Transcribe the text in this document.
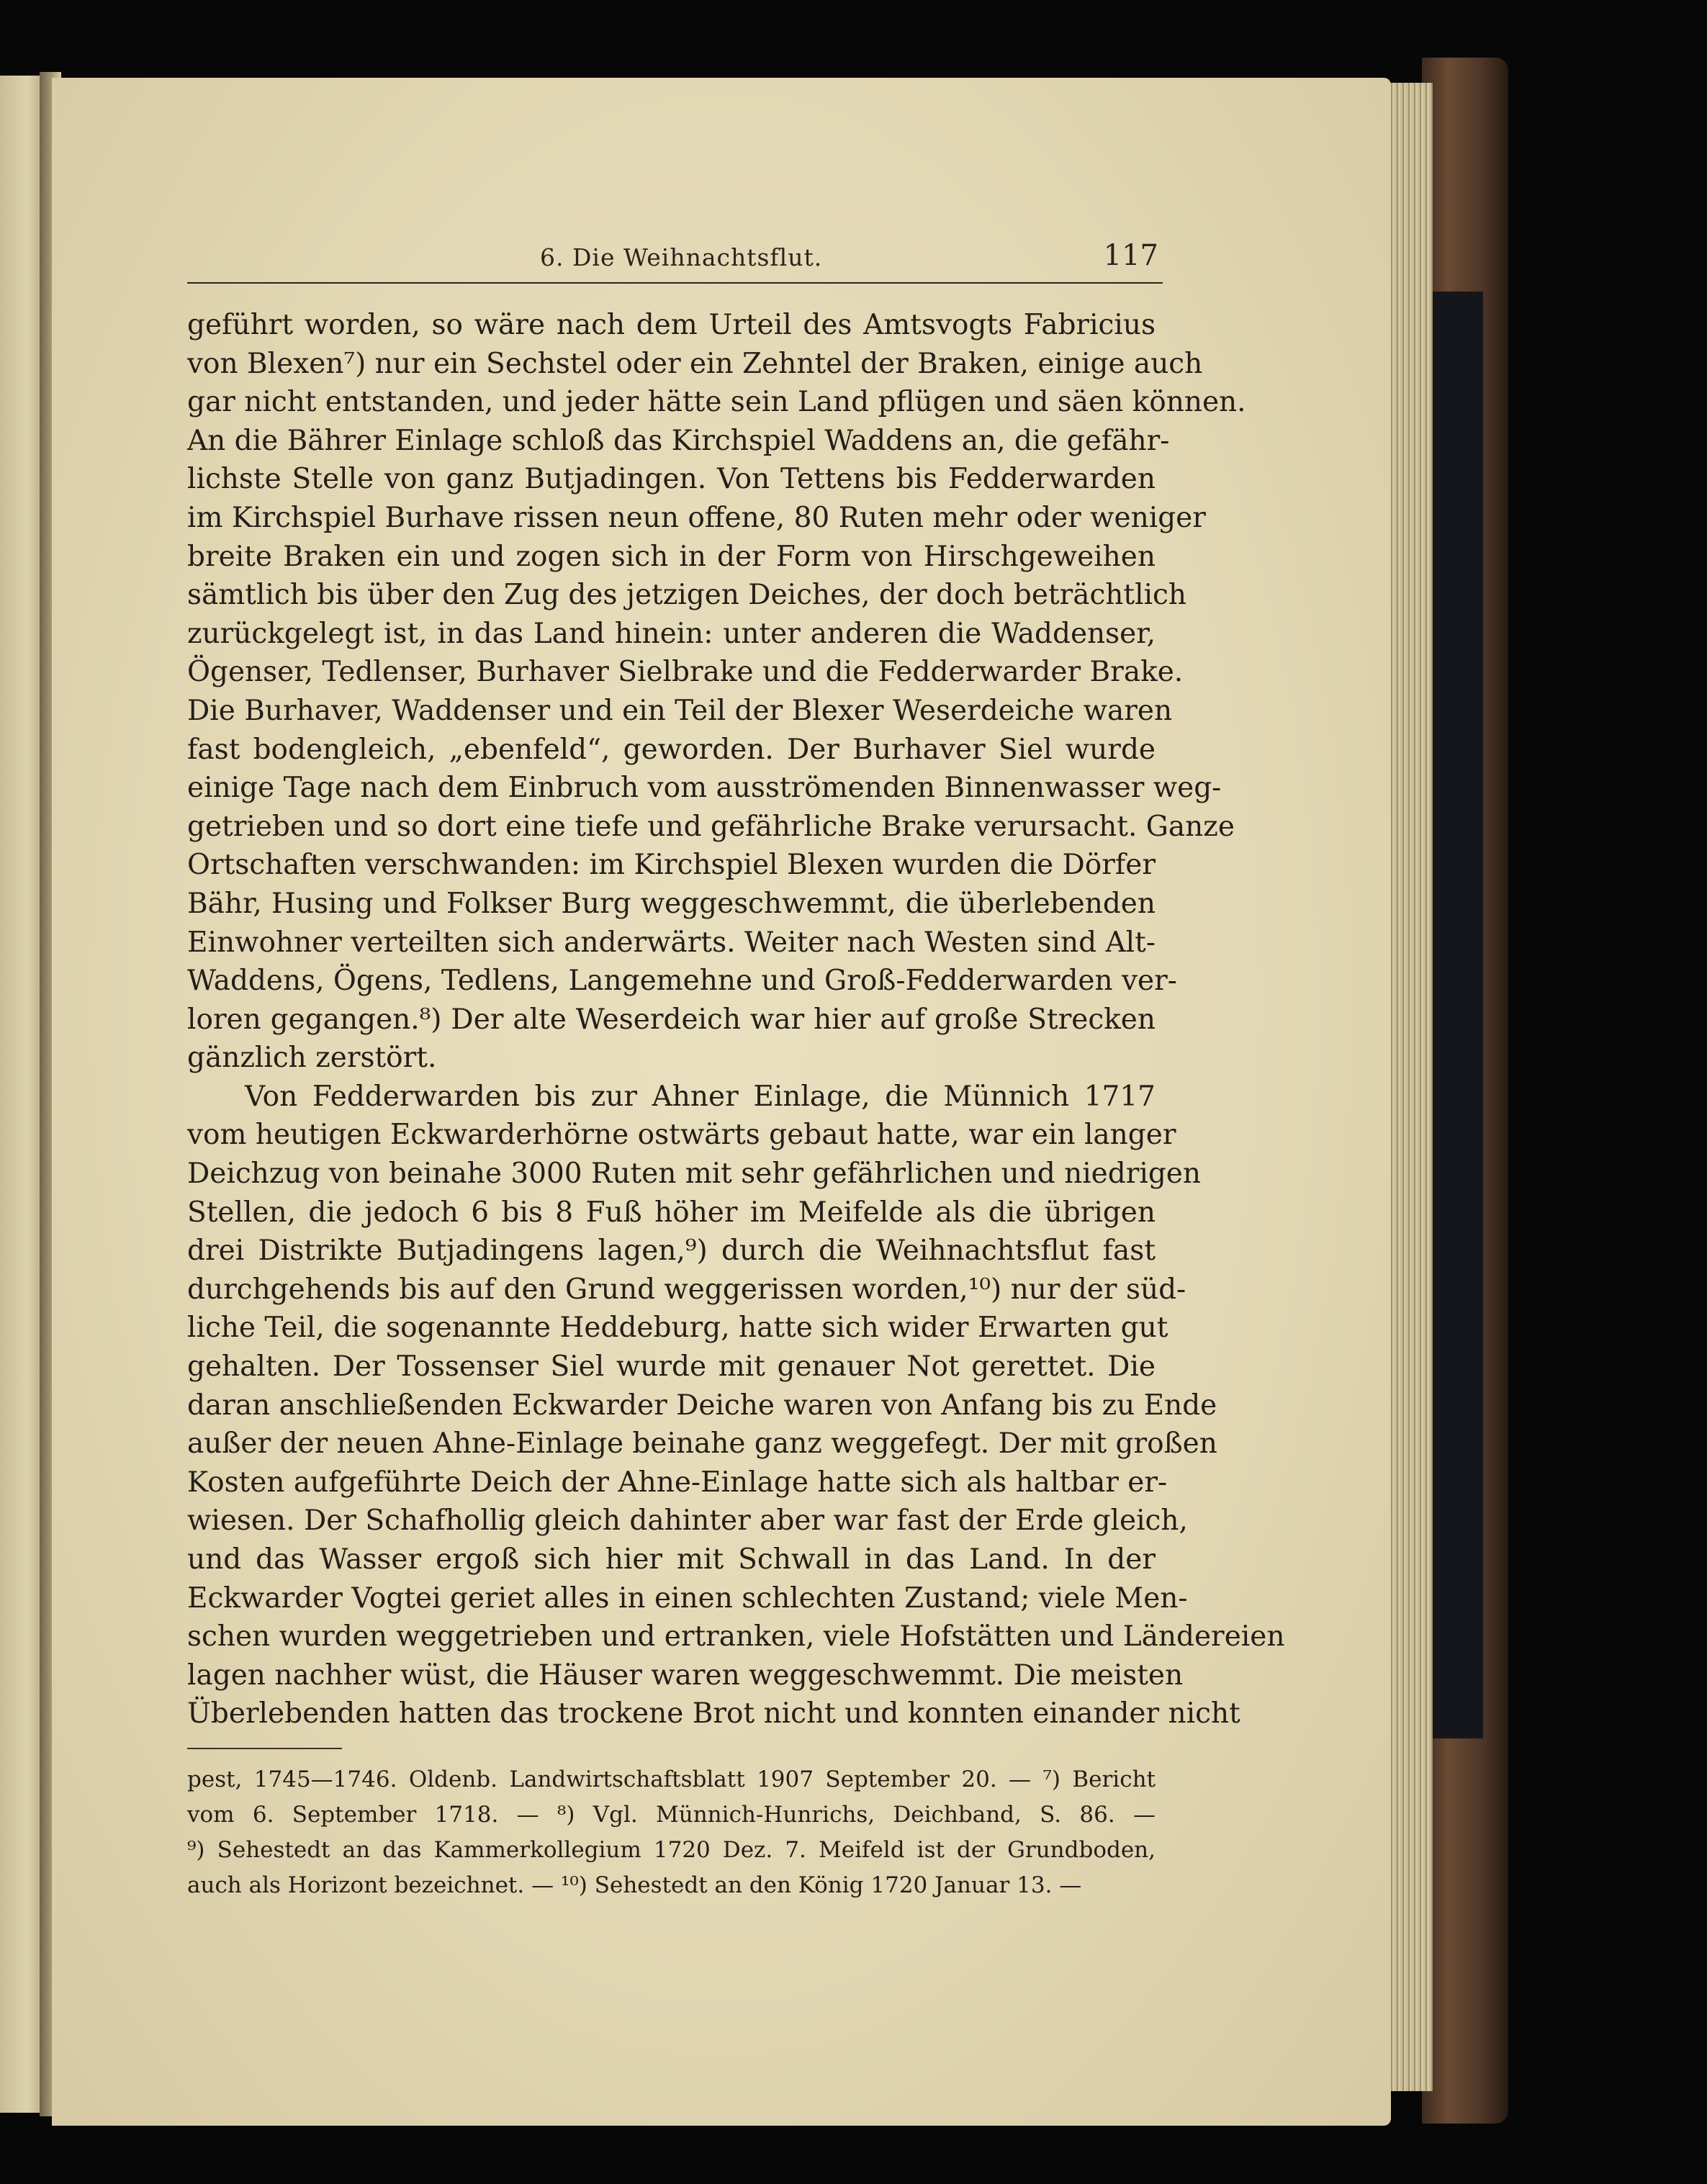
6. Die Weihnachtsflut.	117
geführt worden, so wäre nach dem Urteil des Amtsvogts Fabricius
von Blexen⁷) nur ein Sechstel oder ein Zehntel der Braken, einige auch
gar nicht entstanden, und jeder hätte sein Land pflügen und säen können.
An die Bährer Einlage schloß das Kirchspiel Waddens an, die gefähr-
lichste Stelle von ganz Butjadingen. Von Tettens bis Fedderwarden
im Kirchspiel Burhave rissen neun offene, 80 Ruten mehr oder weniger
breite Braken ein und zogen sich in der Form von Hirschgeweihen
sämtlich bis über den Zug des jetzigen Deiches, der doch beträchtlich
zurückgelegt ist, in das Land hinein: unter anderen die Waddenser,
Ögenser, Tedlenser, Burhaver Sielbrake und die Fedderwarder Brake.
Die Burhaver, Waddenser und ein Teil der Blexer Weserdeiche waren
fast bodengleich, „ebenfeld“, geworden. Der Burhaver Siel wurde
einige Tage nach dem Einbruch vom ausströmenden Binnenwasser weg-
getrieben und so dort eine tiefe und gefährliche Brake verursacht. Ganze
Ortschaften verschwanden: im Kirchspiel Blexen wurden die Dörfer
Bähr, Husing und Folkser Burg weggeschwemmt, die überlebenden
Einwohner verteilten sich anderwärts. Weiter nach Westen sind Alt-
Waddens, Ögens, Tedlens, Langemehne und Groß-Fedderwarden ver-
loren gegangen.⁸) Der alte Weserdeich war hier auf große Strecken
gänzlich zerstört.
Von Fedderwarden bis zur Ahner Einlage, die Münnich 1717
vom heutigen Eckwarderhörne ostwärts gebaut hatte, war ein langer
Deichzug von beinahe 3000 Ruten mit sehr gefährlichen und niedrigen
Stellen, die jedoch 6 bis 8 Fuß höher im Meifelde als die übrigen
drei Distrikte Butjadingens lagen,⁹) durch die Weihnachtsflut fast
durchgehends bis auf den Grund weggerissen worden,¹⁰) nur der süd-
liche Teil, die sogenannte Heddeburg, hatte sich wider Erwarten gut
gehalten. Der Tossenser Siel wurde mit genauer Not gerettet. Die
daran anschließenden Eckwarder Deiche waren von Anfang bis zu Ende
außer der neuen Ahne-Einlage beinahe ganz weggefegt. Der mit großen
Kosten aufgeführte Deich der Ahne-Einlage hatte sich als haltbar er-
wiesen. Der Schafhollig gleich dahinter aber war fast der Erde gleich,
und das Wasser ergoß sich hier mit Schwall in das Land. In der
Eckwarder Vogtei geriet alles in einen schlechten Zustand; viele Men-
schen wurden weggetrieben und ertranken, viele Hofstätten und Ländereien
lagen nachher wüst, die Häuser waren weggeschwemmt. Die meisten
Überlebenden hatten das trockene Brot nicht und konnten einander nicht
pest, 1745—1746. Oldenb. Landwirtschaftsblatt 1907 September 20. — ⁷) Bericht
vom 6. September 1718. — ⁸) Vgl. Münnich-Hunrichs, Deichband, S. 86. —
⁹) Sehestedt an das Kammerkollegium 1720 Dez. 7. Meifeld ist der Grundboden,
auch als Horizont bezeichnet. — ¹⁰) Sehestedt an den König 1720 Januar 13. —
